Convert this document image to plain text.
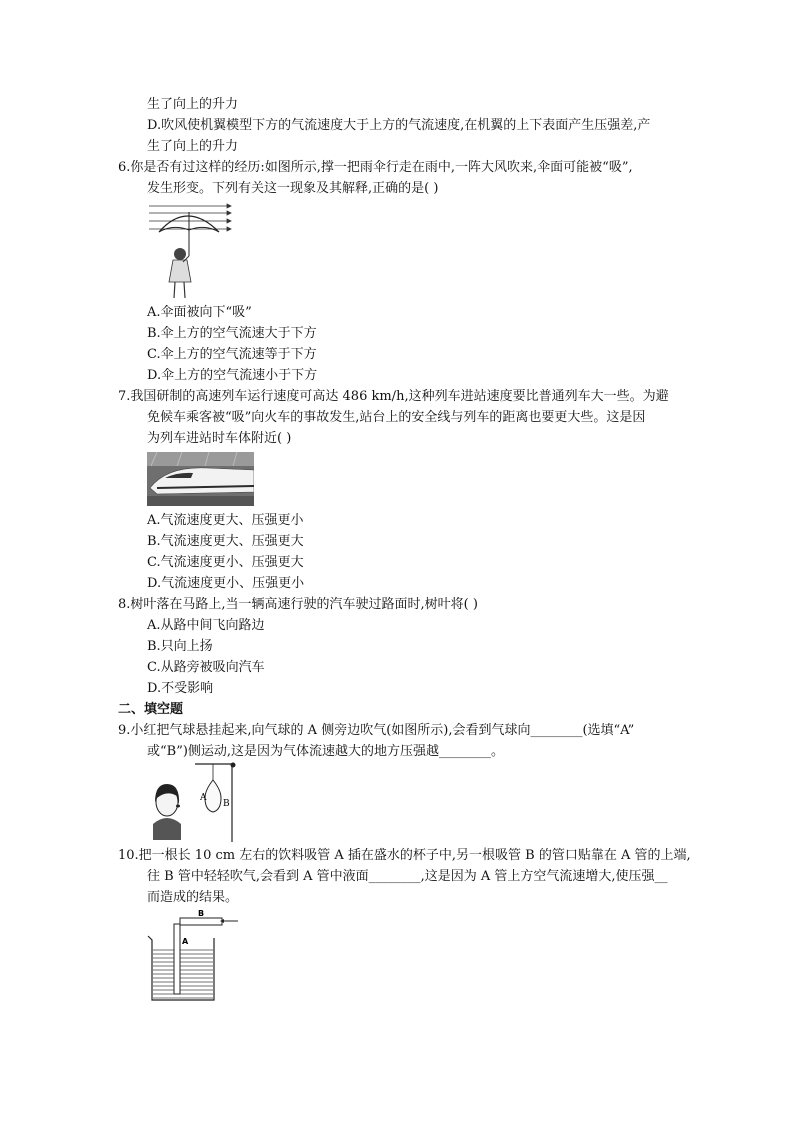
生了向上的升力
D.吹风使机翼模型下方的气流速度大于上方的气流速度,在机翼的上下表面产生压强差,产
生了向上的升力
6.你是否有过这样的经历:如图所示,撑一把雨伞行走在雨中,一阵大风吹来,伞面可能被“吸”,
发生形变。下列有关这一现象及其解释,正确的是( )
A.伞面被向下“吸”
B.伞上方的空气流速大于下方
C.伞上方的空气流速等于下方
D.伞上方的空气流速小于下方
7.我国研制的高速列车运行速度可高达 486 km/h,这种列车进站速度要比普通列车大一些。为避
免候车乘客被“吸”向火车的事故发生,站台上的安全线与列车的距离也要更大些。这是因
为列车进站时车体附近( )
A.气流速度更大、压强更小
B.气流速度更大、压强更大
C.气流速度更小、压强更大
D.气流速度更小、压强更小
8.树叶落在马路上,当一辆高速行驶的汽车驶过路面时,树叶将( )
A.从路中间飞向路边
B.只向上扬
C.从路旁被吸向汽车
D.不受影响
二、填空题
9.小红把气球悬挂起来,向气球的 A 侧旁边吹气(如图所示),会看到气球向________(选填“A”
或“B”)侧运动,这是因为气体流速越大的地方压强越________。
A
B
10.把一根长 10 cm 左右的饮料吸管 A 插在盛水的杯子中,另一根吸管 B 的管口贴靠在 A 管的上端,
往 B 管中轻轻吹气,会看到 A 管中液面________,这是因为 A 管上方空气流速增大,使压强__
而造成的结果。
B
A
